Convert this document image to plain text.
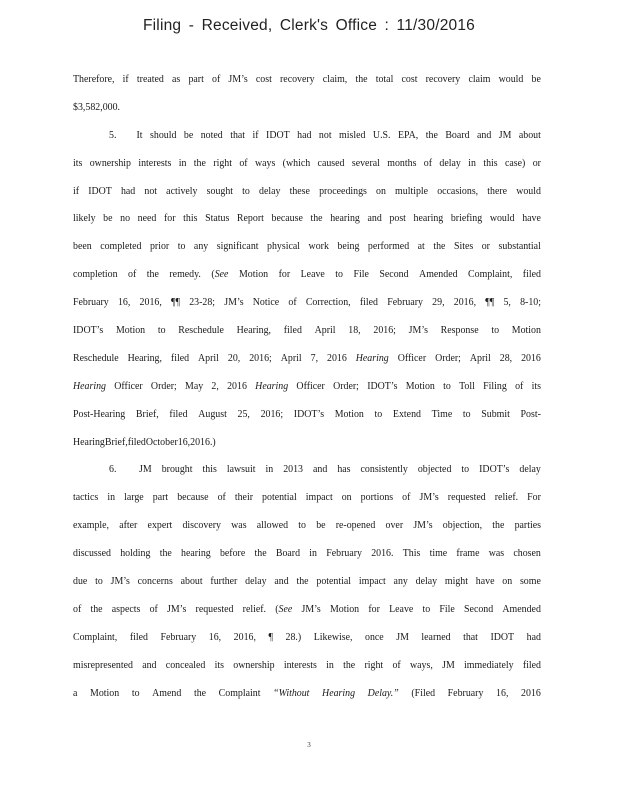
Filing - Received, Clerk's Office : 11/30/2016
Therefore, if treated as part of JM’s cost recovery claim, the total cost recovery claim would be
$3,582,000.
5. It should be noted that if IDOT had not misled U.S. EPA, the Board and JM about
its ownership interests in the right of ways (which caused several months of delay in this case) or
if IDOT had not actively sought to delay these proceedings on multiple occasions, there would
likely be no need for this Status Report because the hearing and post hearing briefing would have
been completed prior to any significant physical work being performed at the Sites or substantial
completion of the remedy. (See Motion for Leave to File Second Amended Complaint, filed
February 16, 2016, ¶¶ 23-28; JM’s Notice of Correction, filed February 29, 2016, ¶¶ 5, 8-10;
IDOT’s Motion to Reschedule Hearing, filed April 18, 2016; JM’s Response to Motion
Reschedule Hearing, filed April 20, 2016; April 7, 2016 Hearing Officer Order; April 28, 2016
Hearing Officer Order; May 2, 2016 Hearing Officer Order; IDOT’s Motion to Toll Filing of its
Post-Hearing Brief, filed August 25, 2016; IDOT’s Motion to Extend Time to Submit Post-
Hearing Brief, filed October 16, 2016.)
6. JM brought this lawsuit in 2013 and has consistently objected to IDOT’s delay
tactics in large part because of their potential impact on portions of JM’s requested relief. For
example, after expert discovery was allowed to be re-opened over JM’s objection, the parties
discussed holding the hearing before the Board in February 2016. This time frame was chosen
due to JM’s concerns about further delay and the potential impact any delay might have on some
of the aspects of JM’s requested relief. (See JM’s Motion for Leave to File Second Amended
Complaint, filed February 16, 2016, ¶ 28.) Likewise, once JM learned that IDOT had
misrepresented and concealed its ownership interests in the right of ways, JM immediately filed
a Motion to Amend the Complaint “Without Hearing Delay.” (Filed February 16, 2016
3
